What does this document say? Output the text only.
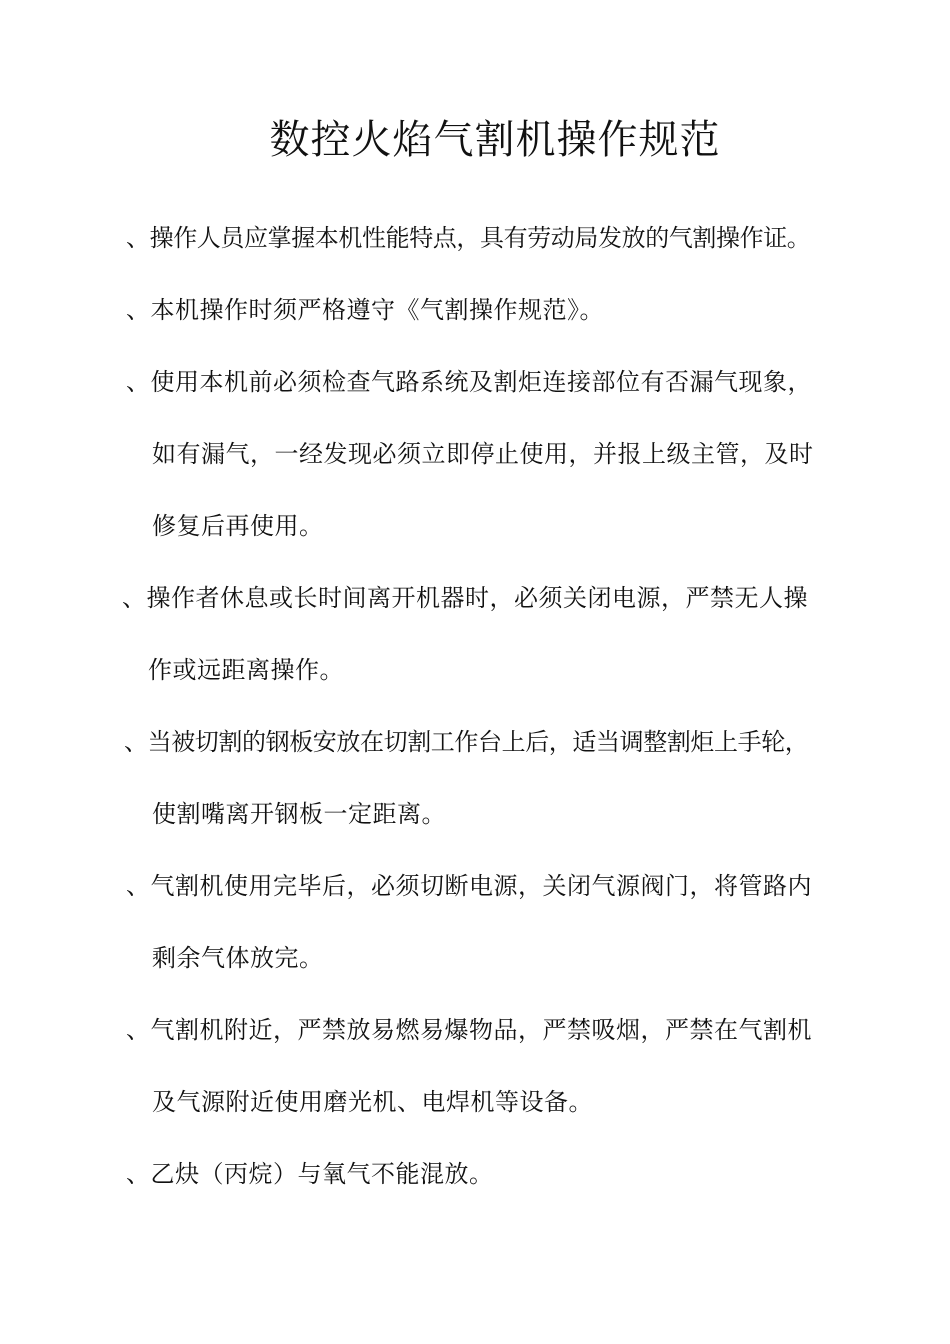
数控火焰气割机操作规范
、操作人员应掌握本机性能特点，具有劳动局发放的气割操作证。
、本机操作时须严格遵守《气割操作规范》。
、使用本机前必须检查气路系统及割炬连接部位有否漏气现象，
如有漏气，一经发现必须立即停止使用，并报上级主管，及时
修复后再使用。
、操作者休息或长时间离开机器时，必须关闭电源，严禁无人操
作或远距离操作。
、当被切割的钢板安放在切割工作台上后，适当调整割炬上手轮，
使割嘴离开钢板一定距离。
、气割机使用完毕后，必须切断电源，关闭气源阀门，将管路内
剩余气体放完。
、气割机附近，严禁放易燃易爆物品，严禁吸烟，严禁在气割机
及气源附近使用磨光机、电焊机等设备。
、乙炔（丙烷）与氧气不能混放。
